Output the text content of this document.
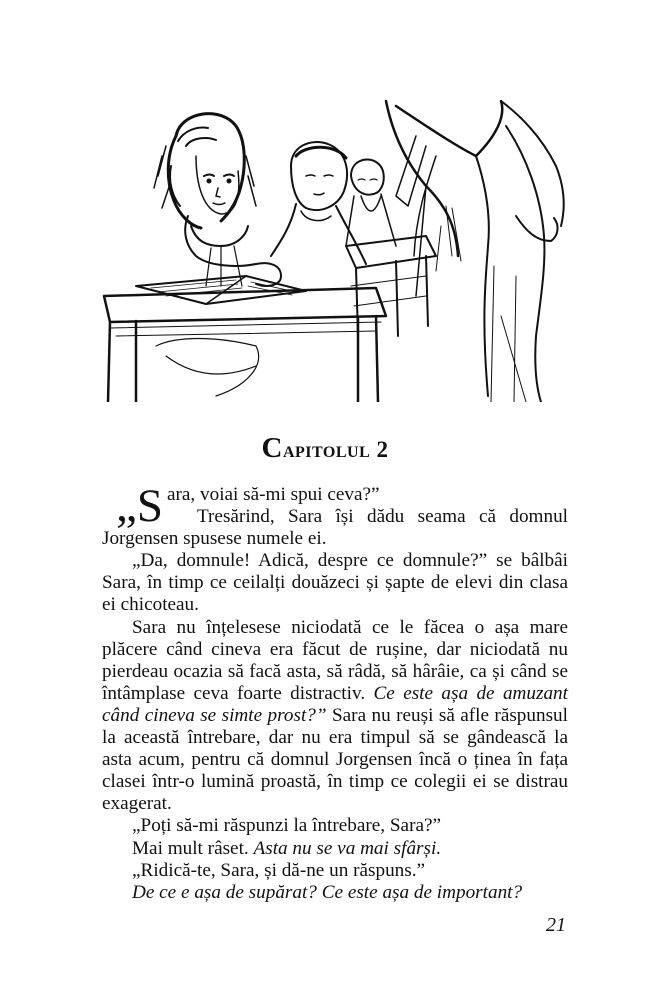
Capitolul 2

„Sara, voiai să-mi spui ceva?”

Tresărind, Sara își dădu seama că domnul Jorgensen spusese numele ei.

„Da, domnule! Adică, despre ce domnule?” se bâlbâi Sara, în timp ce ceilalți douăzeci și șapte de elevi din clasa ei chicoteau.

Sara nu înțelesese niciodată ce le făcea o așa mare plăcere când cineva era făcut de rușine, dar niciodată nu pierdeau ocazia să facă asta, să râdă, să hârâie, ca și când se întâmplase ceva foarte distractiv. Ce este așa de amuzant când cineva se simte prost?” Sara nu reuși să afle răspunsul la această întrebare, dar nu era timpul să se gândească la asta acum, pentru că domnul Jorgensen încă o ținea în fața clasei într-o lumină proastă, în timp ce colegii ei se distrau exagerat.

„Poți să-mi răspunzi la întrebare, Sara?”

Mai mult râset. Asta nu se va mai sfârși.

„Ridică-te, Sara, și dă-ne un răspuns.”

De ce e așa de supărat? Ce este așa de important?

21
